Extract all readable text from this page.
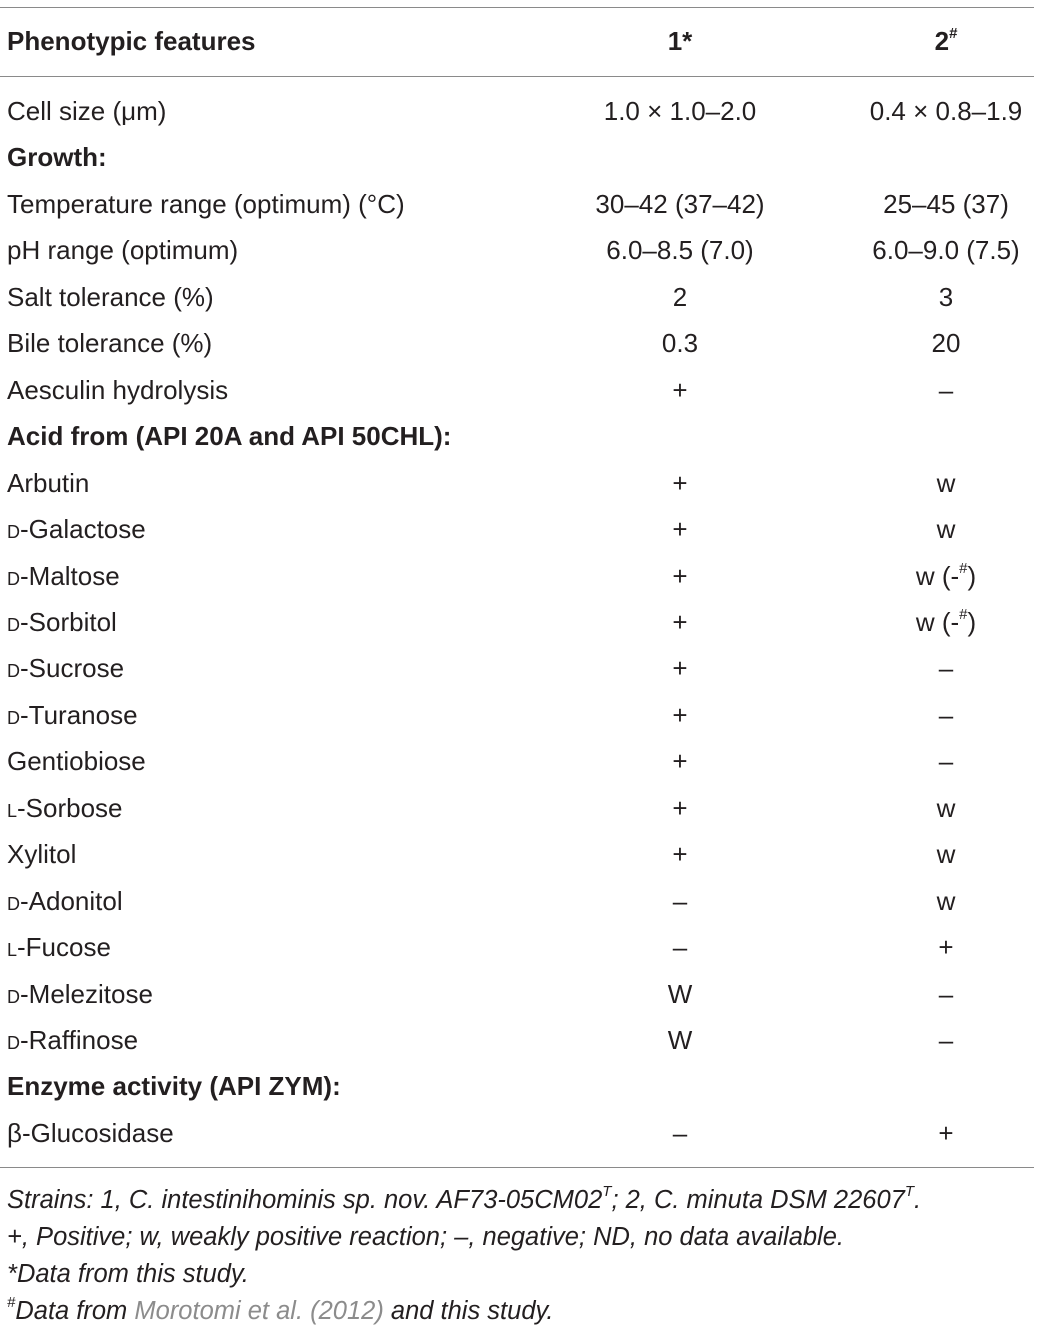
Phenotypic features	1*	2#
Cell size (μm)	1.0 × 1.0–2.0	0.4 × 0.8–1.9
Growth:
Temperature range (optimum) (°C)	30–42 (37–42)	25–45 (37)
pH range (optimum)	6.0–8.5 (7.0)	6.0–9.0 (7.5)
Salt tolerance (%)	2	3
Bile tolerance (%)	0.3	20
Aesculin hydrolysis	+	–
Acid from (API 20A and API 50CHL):
Arbutin	+	w
d-Galactose	+	w
d-Maltose	+	w (-#)
d-Sorbitol	+	w (-#)
d-Sucrose	+	–
d-Turanose	+	–
Gentiobiose	+	–
l-Sorbose	+	w
Xylitol	+	w
d-Adonitol	–	w
l-Fucose	–	+
d-Melezitose	W	–
d-Raffinose	W	–
Enzyme activity (API ZYM):
β-Glucosidase	–	+
Strains: 1, C. intestinihominis sp. nov. $AF73-05CM02^T$; 2, C. minuta DSM $22607^T$.
+, Positive; w, weakly positive reaction; –, negative; ND, no data available.
*Data from this study.
#Data from Morotomi et al. (2012) and this study.
